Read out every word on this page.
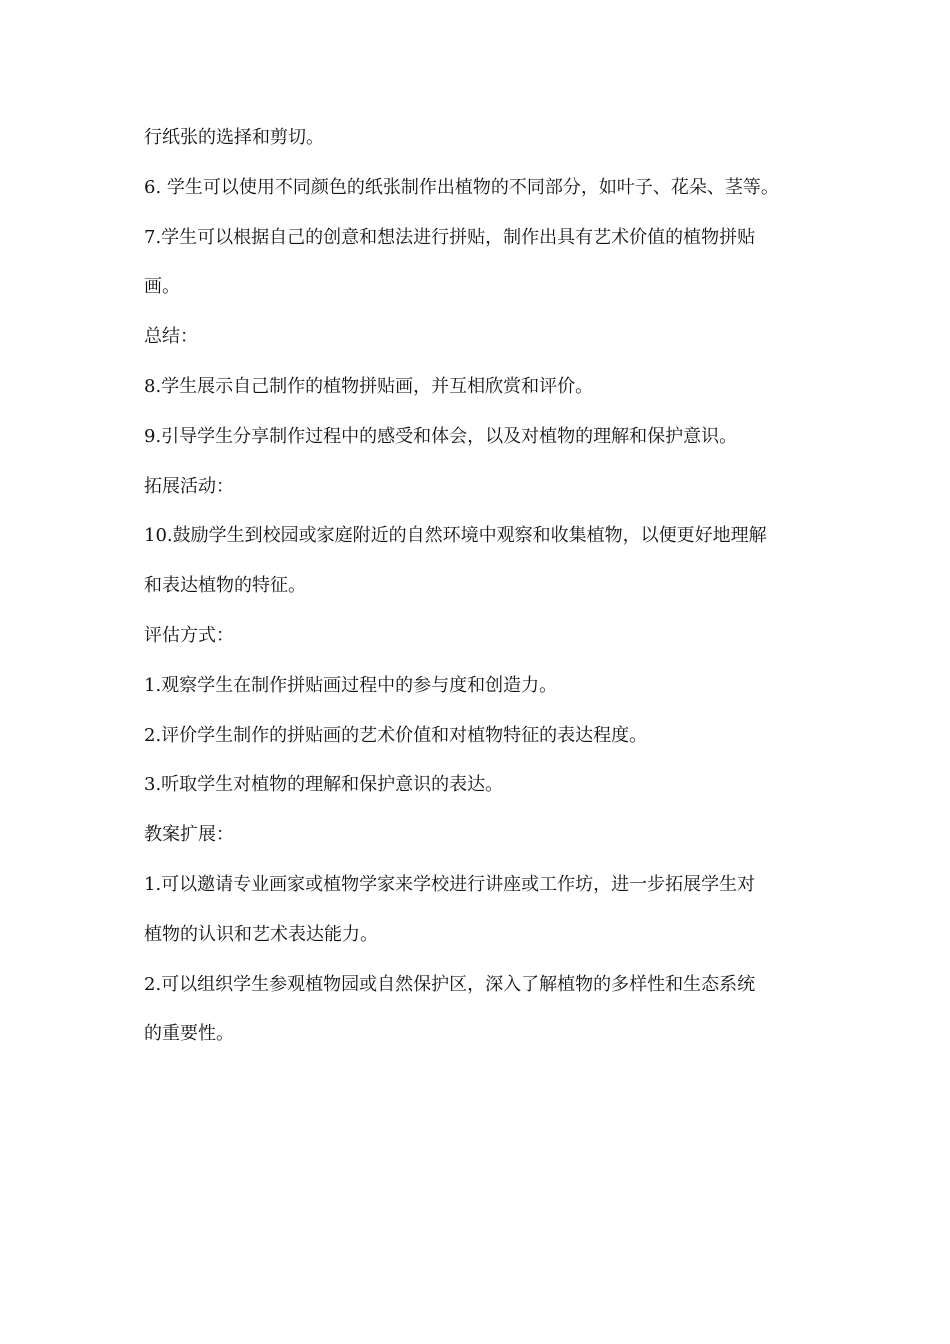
行纸张的选择和剪切。
6. 学生可以使用不同颜色的纸张制作出植物的不同部分，如叶子、花朵、茎等。
7.学生可以根据自己的创意和想法进行拼贴，制作出具有艺术价值的植物拼贴
画。
总结：
8.学生展示自己制作的植物拼贴画，并互相欣赏和评价。
9.引导学生分享制作过程中的感受和体会，以及对植物的理解和保护意识。
拓展活动：
10.鼓励学生到校园或家庭附近的自然环境中观察和收集植物，以便更好地理解
和表达植物的特征。
评估方式：
1.观察学生在制作拼贴画过程中的参与度和创造力。
2.评价学生制作的拼贴画的艺术价值和对植物特征的表达程度。
3.听取学生对植物的理解和保护意识的表达。
教案扩展：
1.可以邀请专业画家或植物学家来学校进行讲座或工作坊，进一步拓展学生对
植物的认识和艺术表达能力。
2.可以组织学生参观植物园或自然保护区，深入了解植物的多样性和生态系统
的重要性。
